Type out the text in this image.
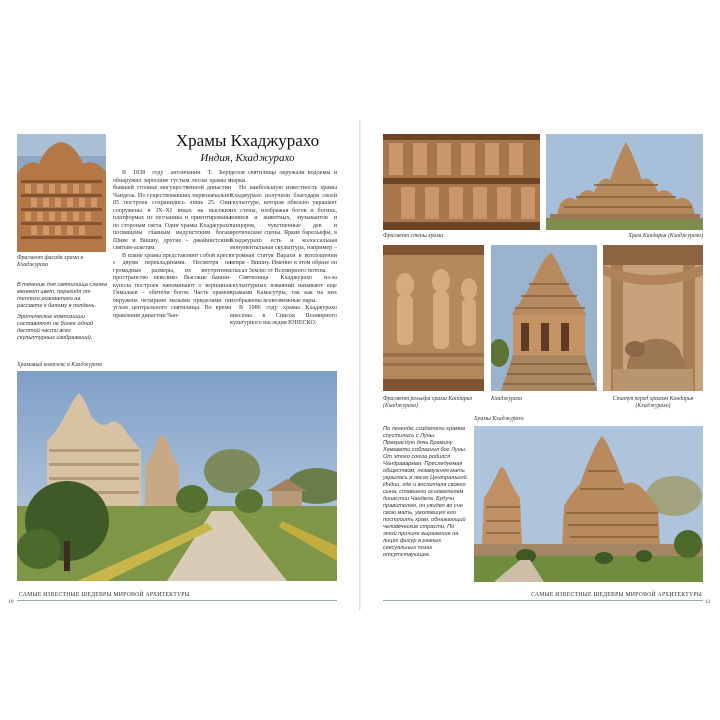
Фрагмент фасада храма в Кхаджурахо

В течение дня святилища слегка меняют цвет, переходя от теплого розоватого на рассвете к белому в полдень.

Эротические композиции составляют не более одной десятой части всех скульптурных изображений.

Храмы Кхаджурахо
Индия, Кхаджурахо

В 1838 году англичанин Т. Берт обнаружил заросшие густым лесом храмы в бывшей столице могущественной династии Чандела. Из существовавших первоначально 85 построек сохранились лишь 25. Они сооружены в IX–XI веках на высоких платформах из песчаника и ориентированы по сторонам света. Одни храмы Кхаджурахо посвящены главным индуистским богам Шиве и Вишну, другие – джайнистским святым-аскетам.

В плане храмы представляют собой крест с двумя перекладинами. Несмотря на громадные размеры, их внутреннее пространство невелико. Высокие башни-купола построек напоминают о вершинах Гималаев – обители богов. Часть храмов окружена четырьмя малыми приделами по углам центрального святилища. Во время правления династии Чан-

делов святилища окружали водоемы и парки.

Но наибольшую известность храмы Кхаджурахо получили благодаря своей скульптуре, которая обильно украшает их стены, изображая богов и богинь, воинов и животных, музыкантов и танцоров, чувственные дев и эротические сцены. Яркие барельефы, в Кхаджурахо есть и колоссальная монументальная скульптура, например – огромная статуя Варахи в воплощении вепря – Вишну. Именно в этом образе он спасал Землю от Всемирного потопа.

Святилища Кхаджурахо из-за скульптурных изваяний называют еще храмами Камасутры, так как на них изображены всевозможные пары.

В 1986 году храмы Кхаджурахо внесены в Список Всемирного культурного наследия ЮНЕСКО.

Храмовый комплекс в Кхаджурахо
САМЫЕ ИЗВЕСТНЫЕ ШЕДЕВРЫ МИРОВОЙ АРХИТЕКТУРЫ
10
Фрагмент стены храма	Храм Кандарья (Кхаджурахо)
Фрагмент рельефа храма Кандарья (Кхаджурахо)
Кхаджурахо	Статуя перед храмом Кандарья (Кхаджурахо)
Храмы Кхаджурахо
По легенде, создатели храмов спустились с Луны. Прекрасную дочь Брамину Хемавати соблазнил бог Луны. От этого союза родился Чандраварман. Преследуемая обществом, незамужняя мать укрылась в лесах Центральной Индии, где и воспитала своего сына, ставшего основателем династии Чандела. Будучи правителем, он увидел во сне свою мать, умолявшую его построить храм, обнажающий человеческие страсти. По этой причине выражение на лицах фигур в разных сексуальных позах отсутствующее.
САМЫЕ ИЗВЕСТНЫЕ ШЕДЕВРЫ МИРОВОЙ АРХИТЕКТУРЫ
11
